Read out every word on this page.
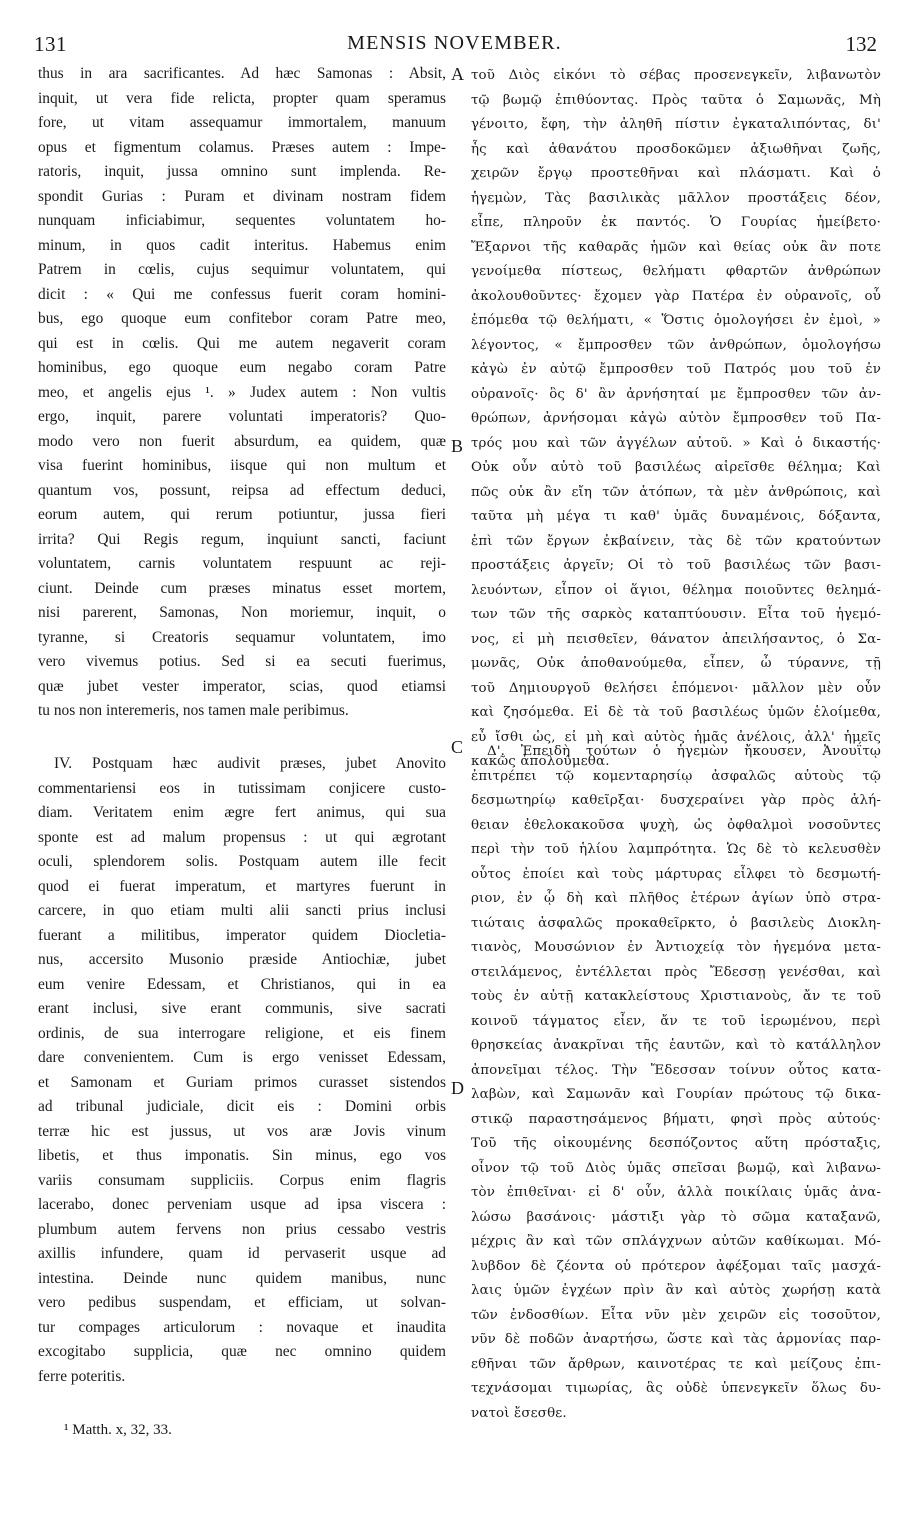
131	MENSIS NOVEMBER.	132
A
B
C
D
thus in ara sacrificantes. Ad hæc Samonas : Absit,
inquit, ut vera fide relicta, propter quam speramus
fore, ut vitam assequamur immortalem, manuum
opus et figmentum colamus. Præses autem : Impe-
ratoris, inquit, jussa omnino sunt implenda. Re-
spondit Gurias : Puram et divinam nostram fidem
nunquam inficiabimur, sequentes voluntatem ho-
minum, in quos cadit interitus. Habemus enim
Patrem in cœlis, cujus sequimur voluntatem, qui
dicit : « Qui me confessus fuerit coram homini-
bus, ego quoque eum confitebor coram Patre meo,
qui est in cœlis. Qui me autem negaverit coram
hominibus, ego quoque eum negabo coram Patre
meo, et angelis ejus ¹. » Judex autem : Non vultis
ergo, inquit, parere voluntati imperatoris? Quo-
modo vero non fuerit absurdum, ea quidem, quæ
visa fuerint hominibus, iisque qui non multum et
quantum vos, possunt, reipsa ad effectum deduci,
eorum autem, qui rerum potiuntur, jussa fieri
irrita? Qui Regis regum, inquiunt sancti, faciunt
voluntatem, carnis voluntatem respuunt ac reji-
ciunt. Deinde cum præses minatus esset mortem,
nisi parerent, Samonas, Non moriemur, inquit, o
tyranne, si Creatoris sequamur voluntatem, imo
vero vivemus potius. Sed si ea secuti fuerimus,
quæ jubet vester imperator, scias, quod etiamsi
tu nos non interemeris, nos tamen male peribimus.
IV. Postquam hæc audivit præses, jubet Anovito
commentariensi eos in tutissimam conjicere custo-
diam. Veritatem enim ægre fert animus, qui sua
sponte est ad malum propensus : ut qui ægrotant
oculi, splendorem solis. Postquam autem ille fecit
quod ei fuerat imperatum, et martyres fuerunt in
carcere, in quo etiam multi alii sancti prius inclusi
fuerant a militibus, imperator quidem Diocletia-
nus, accersito Musonio præside Antiochiæ, jubet
eum venire Edessam, et Christianos, qui in ea
erant inclusi, sive erant communis, sive sacrati
ordinis, de sua interrogare religione, et eis finem
dare convenientem. Cum is ergo venisset Edessam,
et Samonam et Guriam primos curasset sistendos
ad tribunal judiciale, dicit eis : Domini orbis
terræ hic est jussus, ut vos aræ Jovis vinum
libetis, et thus imponatis. Sin minus, ego vos
variis consumam suppliciis. Corpus enim flagris
lacerabo, donec perveniam usque ad ipsa viscera :
plumbum autem fervens non prius cessabo vestris
axillis infundere, quam id pervaserit usque ad
intestina. Deinde nunc quidem manibus, nunc
vero pedibus suspendam, et efficiam, ut solvan-
tur compages articulorum : novaque et inaudita
excogitabo supplicia, quæ nec omnino quidem
ferre poteritis.
τοῦ Διὸς εἰκόνι τὸ σέβας προσενεγκεῖν, λιβανωτὸν
τῷ βωμῷ ἐπιθύοντας. Πρὸς ταῦτα ὁ Σαμωνᾶς, Μὴ
γένοιτο, ἔφη, τὴν ἀληθῆ πίστιν ἐγκαταλιπόντας, δι'
ἧς καὶ ἀθανάτου προσδοκῶμεν ἀξιωθῆναι ζωῆς,
χειρῶν ἔργῳ προστεθῆναι καὶ πλάσματι. Καὶ ὁ
ἡγεμὼν, Τὰς βασιλικὰς μᾶλλον προστάξεις δέον,
εἶπε, πληροῦν ἐκ παντός. Ὁ Γουρίας ἠμείβετο·
Ἔξαρνοι τῆς καθαρᾶς ἡμῶν καὶ θείας οὐκ ἂν ποτε
γενοίμεθα πίστεως, θελήματι φθαρτῶν ἀνθρώπων
ἀκολουθοῦντες· ἔχομεν γὰρ Πατέρα ἐν οὐρανοῖς, οὗ
ἑπόμεθα τῷ θελήματι, « Ὅστις ὁμολογήσει ἐν ἐμοὶ, »
λέγοντος, « ἔμπροσθεν τῶν ἀνθρώπων, ὁμολογήσω
κἀγὼ ἐν αὐτῷ ἔμπροσθεν τοῦ Πατρός μου τοῦ ἐν
οὐρανοῖς· ὃς δ' ἂν ἀρνήσηταί με ἔμπροσθεν τῶν ἀν-
θρώπων, ἀρνήσομαι κἀγὼ αὐτὸν ἔμπροσθεν τοῦ Πα-
τρός μου καὶ τῶν ἀγγέλων αὐτοῦ. » Καὶ ὁ δικαστής·
Οὐκ οὖν αὐτὸ τοῦ βασιλέως αἱρεῖσθε θέλημα; Καὶ
πῶς οὐκ ἂν εἴη τῶν ἀτόπων, τὰ μὲν ἀνθρώποις, καὶ
ταῦτα μὴ μέγα τι καθ' ὑμᾶς δυναμένοις, δόξαντα,
ἐπὶ τῶν ἔργων ἐκβαίνειν, τὰς δὲ τῶν κρατούντων
προστάξεις ἀργεῖν; Οἱ τὸ τοῦ βασιλέως τῶν βασι-
λευόντων, εἶπον οἱ ἅγιοι, θέλημα ποιοῦντες θελημά-
των τῶν τῆς σαρκὸς καταπτύουσιν. Εἶτα τοῦ ἡγεμό-
νος, εἰ μὴ πεισθεῖεν, θάνατον ἀπειλήσαντος, ὁ Σα-
μωνᾶς, Οὐκ ἀποθανούμεθα, εἶπεν, ὦ τύραννε, τῇ
τοῦ Δημιουργοῦ θελήσει ἑπόμενοι· μᾶλλον μὲν οὖν
καὶ ζησόμεθα. Εἰ δὲ τὰ τοῦ βασιλέως ὑμῶν ἑλοίμεθα,
εὖ ἴσθι ὡς, εἰ μὴ καὶ αὐτὸς ἡμᾶς ἀνέλοις, ἀλλ' ἡμεῖς
κακῶς ἀπολούμεθα.
Δ'. Ἐπειδὴ τούτων ὁ ἡγεμὼν ἤκουσεν, Ἀνουΐτῳ
ἐπιτρέπει τῷ κομενταρησίῳ ἀσφαλῶς αὐτοὺς τῷ
δεσμωτηρίῳ καθεῖρξαι· δυσχεραίνει γὰρ πρὸς ἀλή-
θειαν ἐθελοκακοῦσα ψυχὴ, ὡς ὀφθαλμοὶ νοσοῦντες
περὶ τὴν τοῦ ἡλίου λαμπρότητα. Ὡς δὲ τὸ κελευσθὲν
οὗτος ἐποίει καὶ τοὺς μάρτυρας εἶλφει τὸ δεσμωτή-
ριον, ἐν ᾧ δὴ καὶ πλῆθος ἑτέρων ἁγίων ὑπὸ στρα-
τιώταις ἀσφαλῶς προκαθεῖρκτο, ὁ βασιλεὺς Διοκλη-
τιανὸς, Μουσώνιον ἐν Ἀντιοχείᾳ τὸν ἡγεμόνα μετα-
στειλάμενος, ἐντέλλεται πρὸς Ἔδεσσῃ γενέσθαι, καὶ
τοὺς ἐν αὐτῇ κατακλείστους Χριστιανοὺς, ἄν τε τοῦ
κοινοῦ τάγματος εἶεν, ἄν τε τοῦ ἱερωμένου, περὶ
θρησκείας ἀνακρῖναι τῆς ἑαυτῶν, καὶ τὸ κατάλληλον
ἀπονεῖμαι τέλος. Τὴν Ἔδεσσαν τοίνυν οὗτος κατα-
λαβὼν, καὶ Σαμωνᾶν καὶ Γουρίαν πρώτους τῷ δικα-
στικῷ παραστησάμενος βήματι, φησὶ πρὸς αὐτούς·
Τοῦ τῆς οἰκουμένης δεσπόζοντος αὕτη πρόσταξις,
οἶνον τῷ τοῦ Διὸς ὑμᾶς σπεῖσαι βωμῷ, καὶ λιβανω-
τὸν ἐπιθεῖναι· εἰ δ' οὖν, ἀλλὰ ποικίλαις ὑμᾶς ἀνα-
λώσω βασάνοις· μάστιξι γὰρ τὸ σῶμα καταξανῶ,
μέχρις ἂν καὶ τῶν σπλάγχνων αὐτῶν καθίκωμαι. Μό-
λυβδον δὲ ζέοντα οὐ πρότερον ἀφέξομαι ταῖς μασχά-
λαις ὑμῶν ἐγχέων πρὶν ἂν καὶ αὐτὸς χωρήσῃ κατὰ
τῶν ἐνδοσθίων. Εἶτα νῦν μὲν χειρῶν εἰς τοσοῦτον,
νῦν δὲ ποδῶν ἀναρτήσω, ὥστε καὶ τὰς ἁρμονίας παρ-
εθῆναι τῶν ἄρθρων, καινοτέρας τε καὶ μείζους ἐπι-
τεχνάσομαι τιμωρίας, ἃς οὐδὲ ὑπενεγκεῖν ὅλως δυ-
νατοὶ ἔσεσθε.
¹ Matth. x, 32, 33.
